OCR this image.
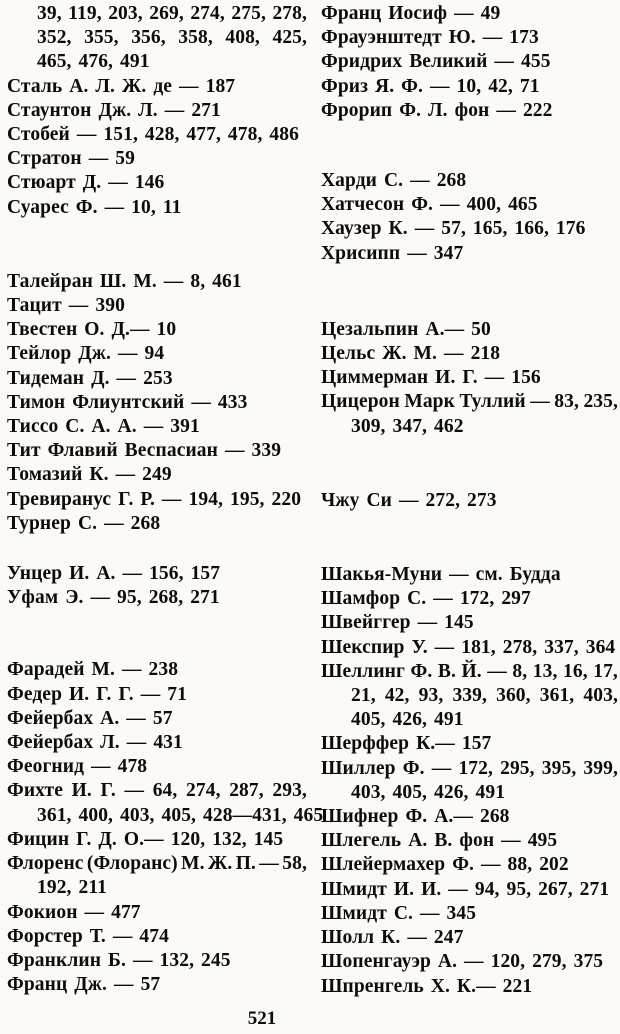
39, 119, 203, 269, 274, 275, 278,
352, 355, 356, 358, 408, 425,
465, 476, 491
Сталь А. Л. Ж. де — 187
Стаунтон Дж. Л. — 271
Стобей — 151, 428, 477, 478, 486
Стратон — 59
Стюарт Д. — 146
Суарес Ф. — 10, 11
Талейран Ш. М. — 8, 461
Тацит — 390
Твестен О. Д.— 10
Тейлор Дж. — 94
Тидеман Д. — 253
Тимон Флиунтский — 433
Тиссо С. А. А. — 391
Тит Флавий Веспасиан — 339
Томазий К. — 249
Тревиранус Г. Р. — 194, 195, 220
Турнер С. — 268
Унцер И. А. — 156, 157
Уфам Э. — 95, 268, 271
Фарадей М. — 238
Федер И. Г. Г. — 71
Фейербах А. — 57
Фейербах Л. — 431
Феогнид — 478
Фихте И. Г. — 64, 274, 287, 293,
361, 400, 403, 405, 428—431, 465
Фицин Г. Д. О.— 120, 132, 145
Флоренс (Флоранс) М. Ж. П. — 58,
192, 211
Фокион — 477
Форстер Т. — 474
Франклин Б. — 132, 245
Франц Дж. — 57
Франц Иосиф — 49
Фрауэнштедт Ю. — 173
Фридрих Великий — 455
Фриз Я. Ф. — 10, 42, 71
Фрорип Ф. Л. фон — 222
Харди С. — 268
Хатчесон Ф. — 400, 465
Хаузер К. — 57, 165, 166, 176
Хрисипп — 347
Цезальпин А.— 50
Цельс Ж. М. — 218
Циммерман И. Г. — 156
Цицерон Марк Туллий — 83, 235,
309, 347, 462
Чжу Си — 272, 273
Шакья-Муни — см. Будда
Шамфор С. — 172, 297
Швейггер — 145
Шекспир У. — 181, 278, 337, 364
Шеллинг Ф. В. Й. — 8, 13, 16, 17,
21, 42, 93, 339, 360, 361, 403,
405, 426, 491
Шерффер К.— 157
Шиллер Ф. — 172, 295, 395, 399,
403, 405, 426, 491
Шифнер Ф. А.— 268
Шлегель А. В. фон — 495
Шлейермахер Ф. — 88, 202
Шмидт И. И. — 94, 95, 267, 271
Шмидт С. — 345
Шолл К. — 247
Шопенгауэр А. — 120, 279, 375
Шпренгель Х. К.— 221
521
